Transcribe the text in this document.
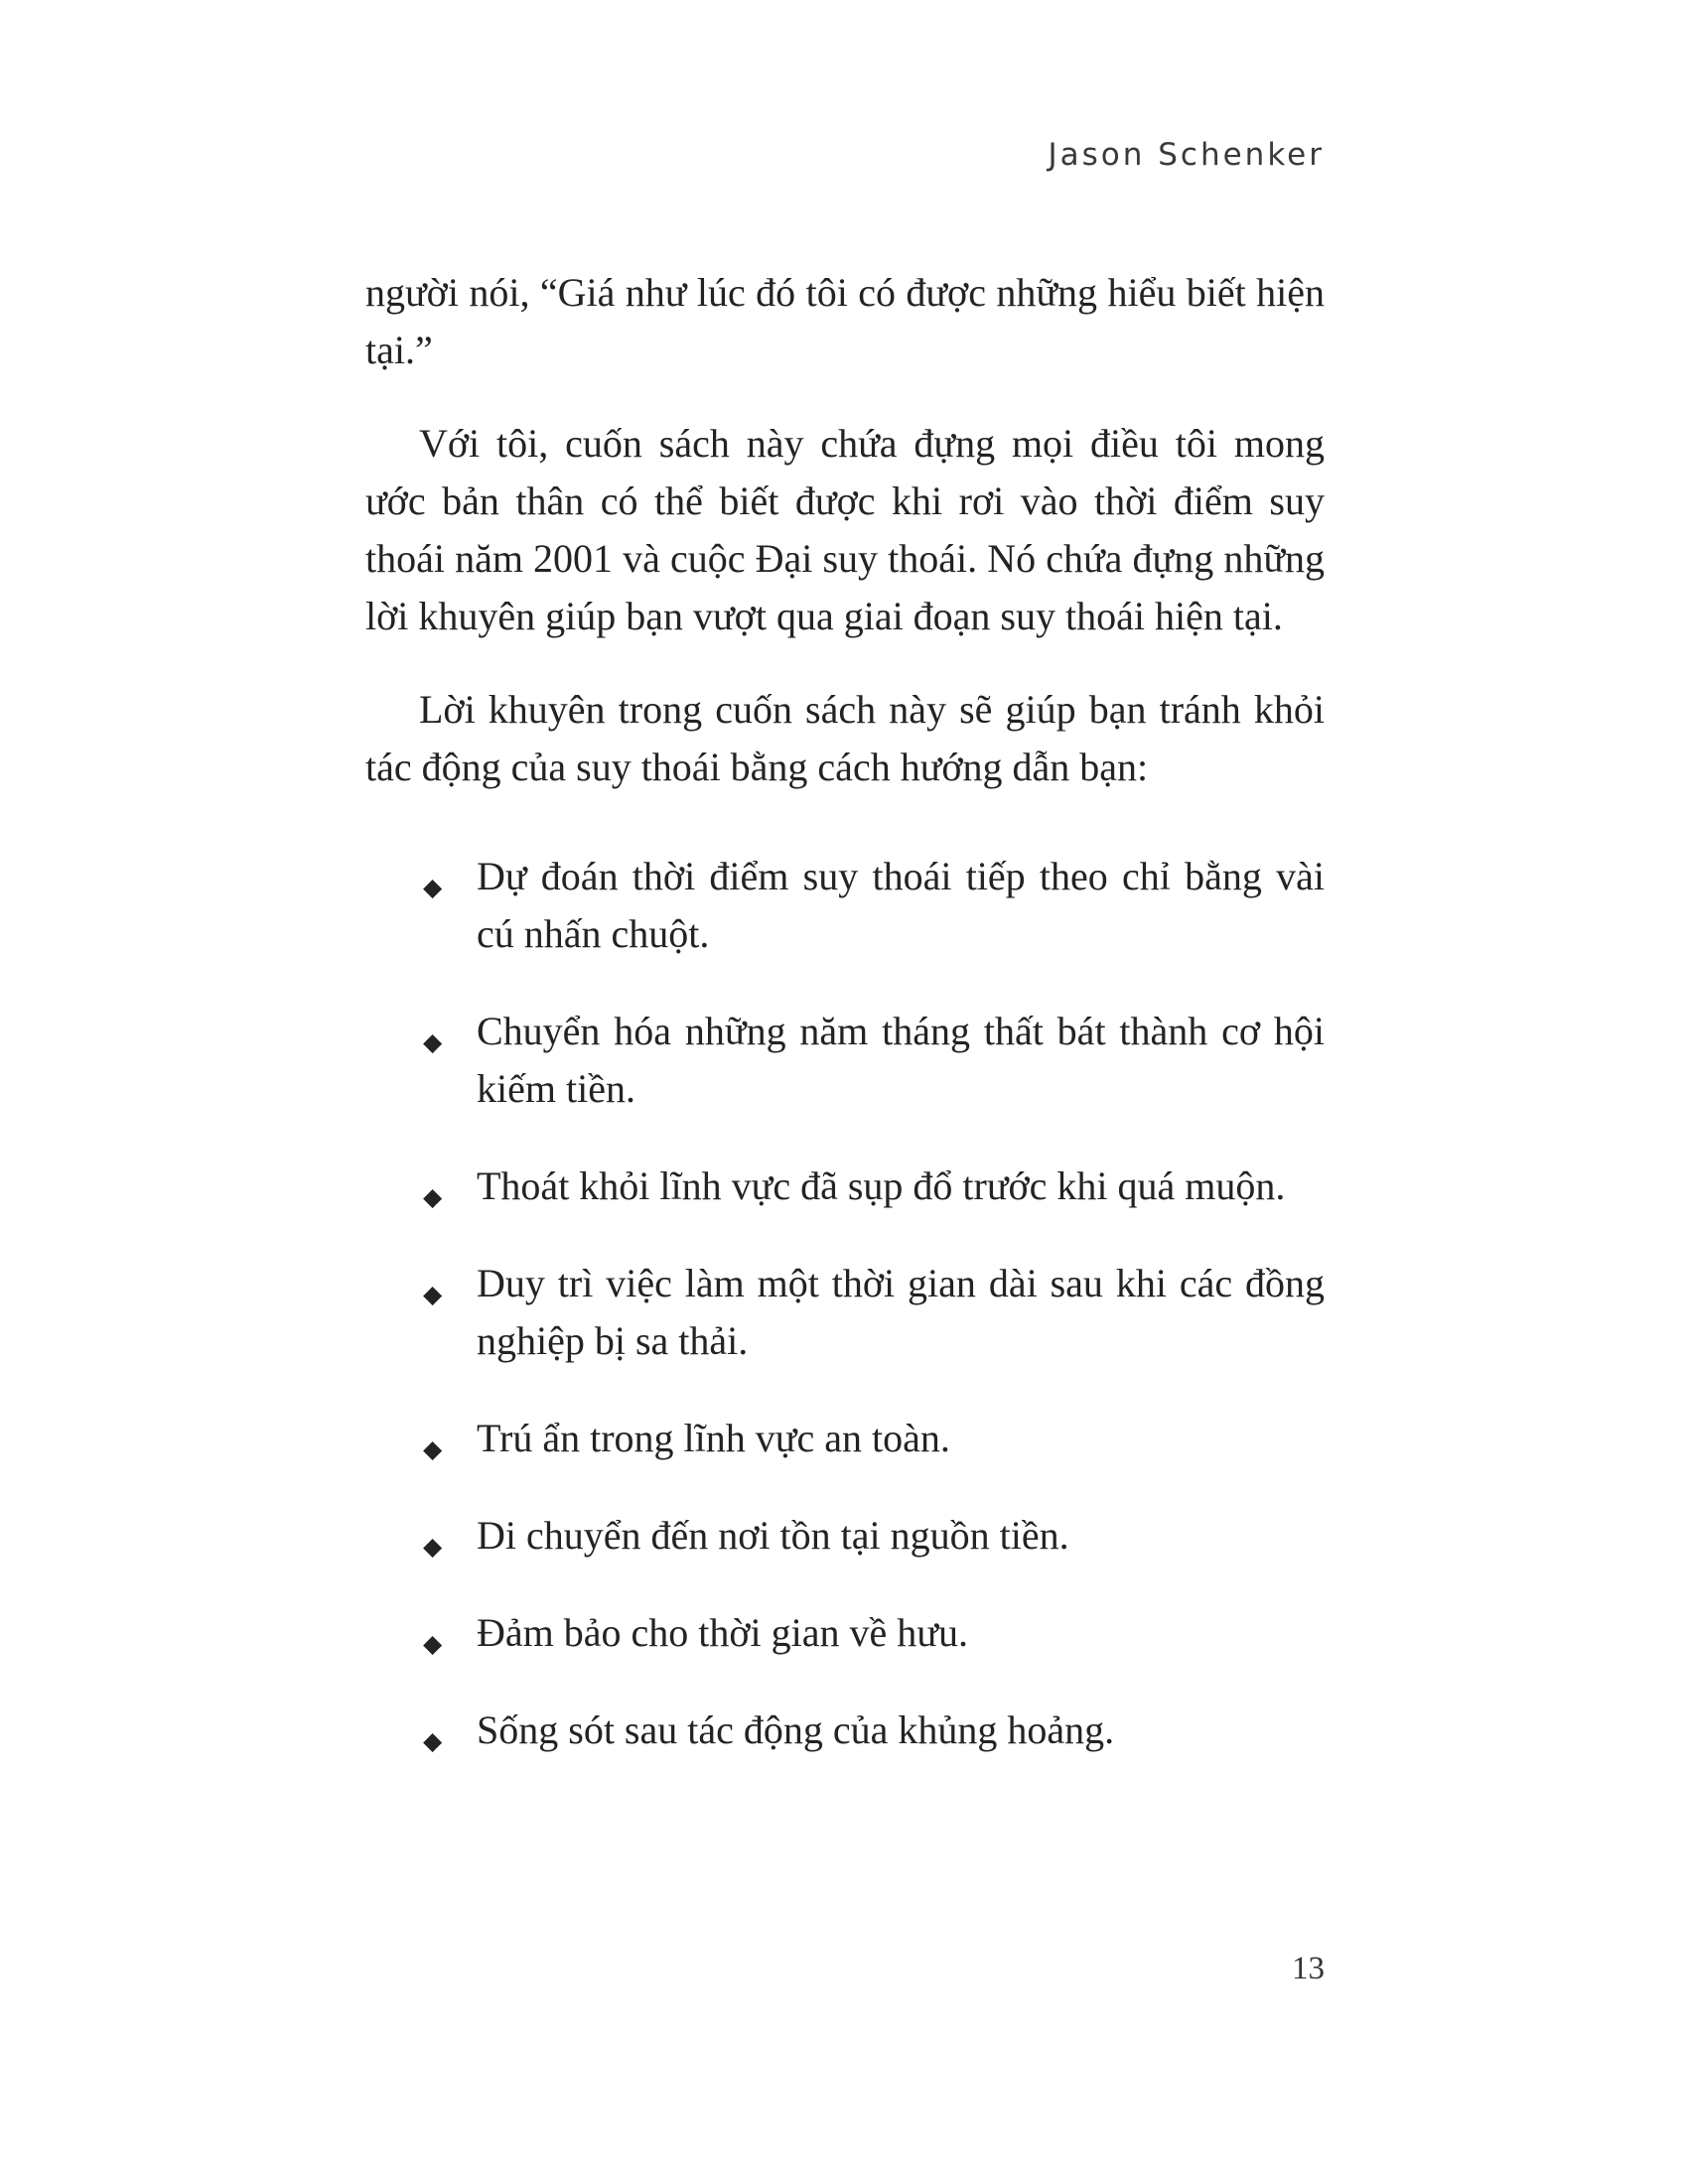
Jason Schenker

người nói, “Giá như lúc đó tôi có được những hiểu biết hiện tại.”

Với tôi, cuốn sách này chứa đựng mọi điều tôi mong ước bản thân có thể biết được khi rơi vào thời điểm suy thoái năm 2001 và cuộc Đại suy thoái. Nó chứa đựng những lời khuyên giúp bạn vượt qua giai đoạn suy thoái hiện tại.

Lời khuyên trong cuốn sách này sẽ giúp bạn tránh khỏi tác động của suy thoái bằng cách hướng dẫn bạn:

◆ Dự đoán thời điểm suy thoái tiếp theo chỉ bằng vài cú nhấn chuột.
◆ Chuyển hóa những năm tháng thất bát thành cơ hội kiếm tiền.
◆ Thoát khỏi lĩnh vực đã sụp đổ trước khi quá muộn.
◆ Duy trì việc làm một thời gian dài sau khi các đồng nghiệp bị sa thải.
◆ Trú ẩn trong lĩnh vực an toàn.
◆ Di chuyển đến nơi tồn tại nguồn tiền.
◆ Đảm bảo cho thời gian về hưu.
◆ Sống sót sau tác động của khủng hoảng.
13
